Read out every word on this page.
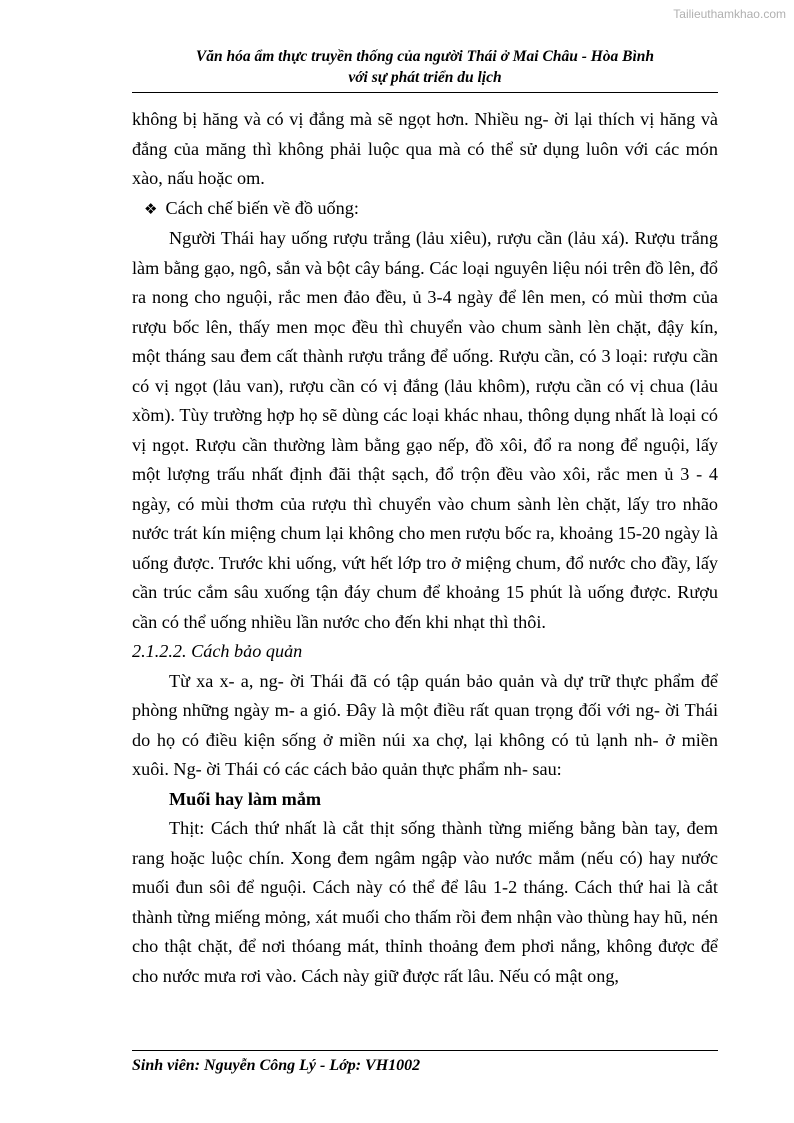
Tailieuthamkhao.com
Văn hóa ẩm thực truyền thống của người Thái ở Mai Châu - Hòa Bình
với sự phát triển du lịch

không bị hăng và có vị đắng mà sẽ ngọt hơn. Nhiều ng- ời lại thích vị hăng và đắng của măng thì không phải luộc qua mà có thể sử dụng luôn với các món xào, nấu hoặc om.

❖ Cách chế biến về đồ uống:

Người Thái hay uống rượu trắng (lảu xiêu), rượu cần (lảu xá). Rượu trắng làm bằng gạo, ngô, sắn và bột cây báng. Các loại nguyên liệu nói trên đồ lên, đổ ra nong cho nguội, rắc men đảo đều, ủ 3-4 ngày để lên men, có mùi thơm của rượu bốc lên, thấy men mọc đều thì chuyển vào chum sành lèn chặt, đậy kín, một tháng sau đem cất thành rượu trắng để uống. Rượu cần, có 3 loại: rượu cần có vị ngọt (lảu van), rượu cần có vị đắng (lảu khôm), rượu cần có vị chua (lảu xồm). Tùy trường hợp họ sẽ dùng các loại khác nhau, thông dụng nhất là loại có vị ngọt. Rượu cần thường làm bằng gạo nếp, đồ xôi, đổ ra nong để nguội, lấy một lượng trấu nhất định đãi thật sạch, đổ trộn đều vào xôi, rắc men ủ 3 - 4 ngày, có mùi thơm của rượu thì chuyển vào chum sành lèn chặt, lấy tro nhão nước trát kín miệng chum lại không cho men rượu bốc ra, khoảng 15-20 ngày là uống được. Trước khi uống, vứt hết lớp tro ở miệng chum, đổ nước cho đầy, lấy cần trúc cắm sâu xuống tận đáy chum để khoảng 15 phút là uống được. Rượu cần có thể uống nhiều lần nước cho đến khi nhạt thì thôi.

2.1.2.2. Cách bảo quản

Từ xa x- a, ng- ời Thái đã có tập quán bảo quản và dự trữ thực phẩm để phòng những ngày m- a gió. Đây là một điều rất quan trọng đối với ng- ời Thái do họ có điều kiện sống ở miền núi xa chợ, lại không có tủ lạnh nh- ở miền xuôi. Ng- ời Thái có các cách bảo quản thực phẩm nh- sau:

Muối hay làm mắm

Thịt: Cách thứ nhất là cắt thịt sống thành từng miếng bằng bàn tay, đem rang hoặc luộc chín. Xong đem ngâm ngập vào nước mắm (nếu có) hay nước muối đun sôi để nguội. Cách này có thể để lâu 1-2 tháng. Cách thứ hai là cắt thành từng miếng mỏng, xát muối cho thấm rồi đem nhận vào thùng hay hũ, nén cho thật chặt, để nơi thóang mát, thỉnh thoảng đem phơi nắng, không được để cho nước mưa rơi vào. Cách này giữ được rất lâu. Nếu có mật ong,

Sinh viên: Nguyễn Công Lý - Lớp: VH1002
